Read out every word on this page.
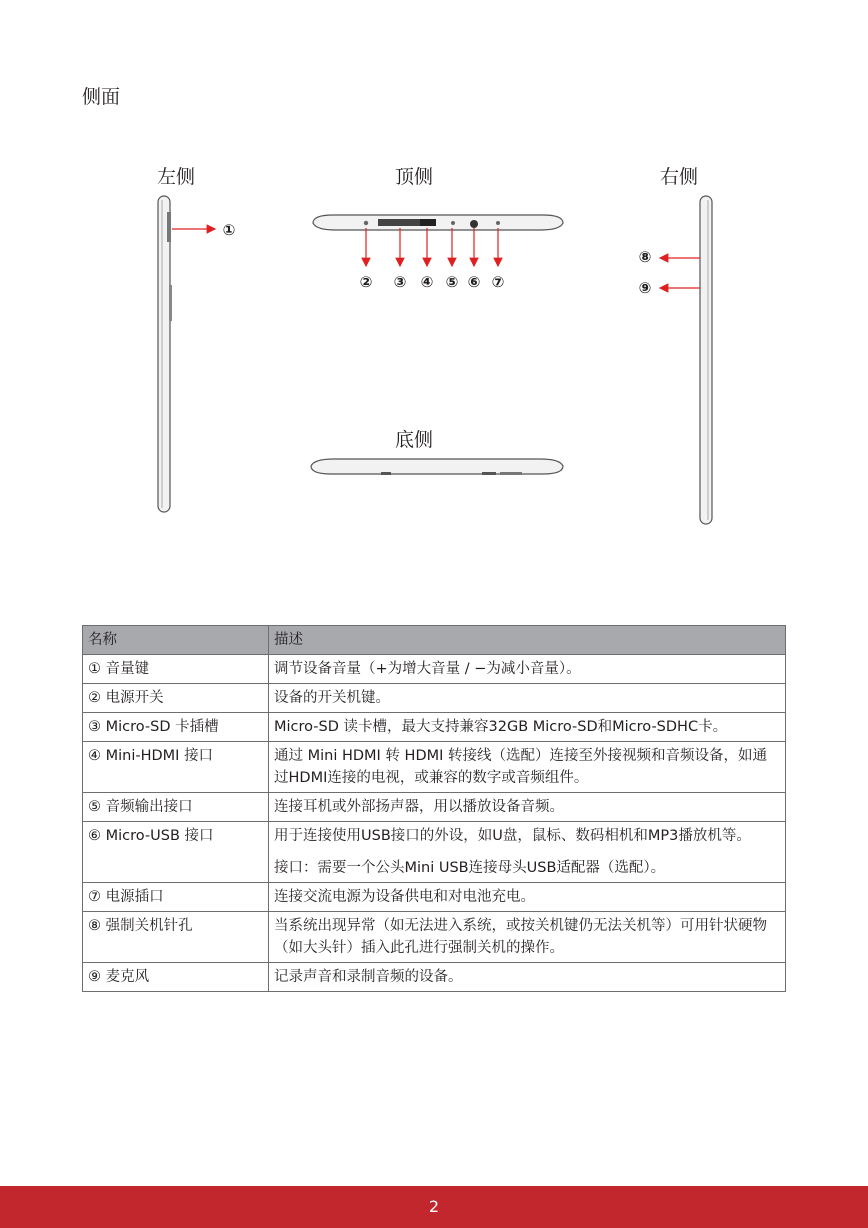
侧面
左侧	顶侧	右侧
底侧
①
② ③ ④ ⑤ ⑥ ⑦
⑧
⑨
名称	描述
① 音量键	调节设备音量（+为增大音量 / −为减小音量）。

② 电源开关	设备的开关机键。

③ Micro-SD 卡插槽	Micro-SD 读卡槽，最大支持兼容32GB Micro-SD和Micro-SDHC卡。

④ Mini-HDMI 接口	通过 Mini HDMI 转 HDMI 转接线（选配）连接至外接视频和音频设备，如通过HDMI连接的电视，或兼容的数字或音频组件。

⑤ 音频输出接口	连接耳机或外部扬声器，用以播放设备音频。

⑥ Micro-USB 接口	用于连接使用USB接口的外设，如U盘，鼠标、数码相机和MP3播放机等。

接口：需要一个公头Mini USB连接母头USB适配器（选配）。

⑦ 电源插口	连接交流电源为设备供电和对电池充电。

⑧ 强制关机针孔	当系统出现异常（如无法进入系统，或按关机键仍无法关机等）可用针状硬物（如大头针）插入此孔进行强制关机的操作。

⑨ 麦克风	记录声音和录制音频的设备。

2
